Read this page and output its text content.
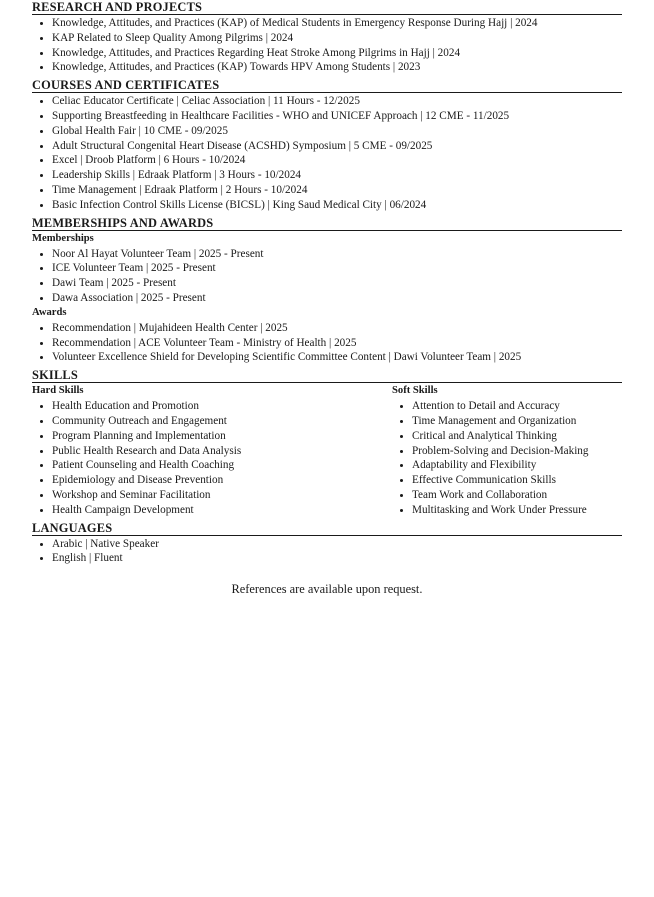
RESEARCH AND PROJECTS
Knowledge, Attitudes, and Practices (KAP) of Medical Students in Emergency Response During Hajj | 2024
KAP Related to Sleep Quality Among Pilgrims | 2024
Knowledge, Attitudes, and Practices Regarding Heat Stroke Among Pilgrims in Hajj | 2024
Knowledge, Attitudes, and Practices (KAP) Towards HPV Among Students | 2023
COURSES AND CERTIFICATES
Celiac Educator Certificate | Celiac Association | 11 Hours - 12/2025
Supporting Breastfeeding in Healthcare Facilities - WHO and UNICEF Approach | 12 CME - 11/2025
Global Health Fair | 10 CME - 09/2025
Adult Structural Congenital Heart Disease (ACSHD) Symposium | 5 CME - 09/2025
Excel | Droob Platform | 6 Hours - 10/2024
Leadership Skills | Edraak Platform | 3 Hours - 10/2024
Time Management | Edraak Platform | 2 Hours - 10/2024
Basic Infection Control Skills License (BICSL) | King Saud Medical City | 06/2024
MEMBERSHIPS AND AWARDS
Memberships
Noor Al Hayat Volunteer Team | 2025 - Present
ICE Volunteer Team | 2025 - Present
Dawi Team | 2025 - Present
Dawa Association | 2025 - Present
Awards
Recommendation | Mujahideen Health Center | 2025
Recommendation | ACE Volunteer Team - Ministry of Health | 2025
Volunteer Excellence Shield for Developing Scientific Committee Content | Dawi Volunteer Team | 2025
SKILLS
Hard Skills
Health Education and Promotion
Community Outreach and Engagement
Program Planning and Implementation
Public Health Research and Data Analysis
Patient Counseling and Health Coaching
Epidemiology and Disease Prevention
Workshop and Seminar Facilitation
Health Campaign Development
Soft Skills
Attention to Detail and Accuracy
Time Management and Organization
Critical and Analytical Thinking
Problem-Solving and Decision-Making
Adaptability and Flexibility
Effective Communication Skills
Team Work and Collaboration
Multitasking and Work Under Pressure
LANGUAGES
Arabic | Native Speaker
English | Fluent
References are available upon request.
